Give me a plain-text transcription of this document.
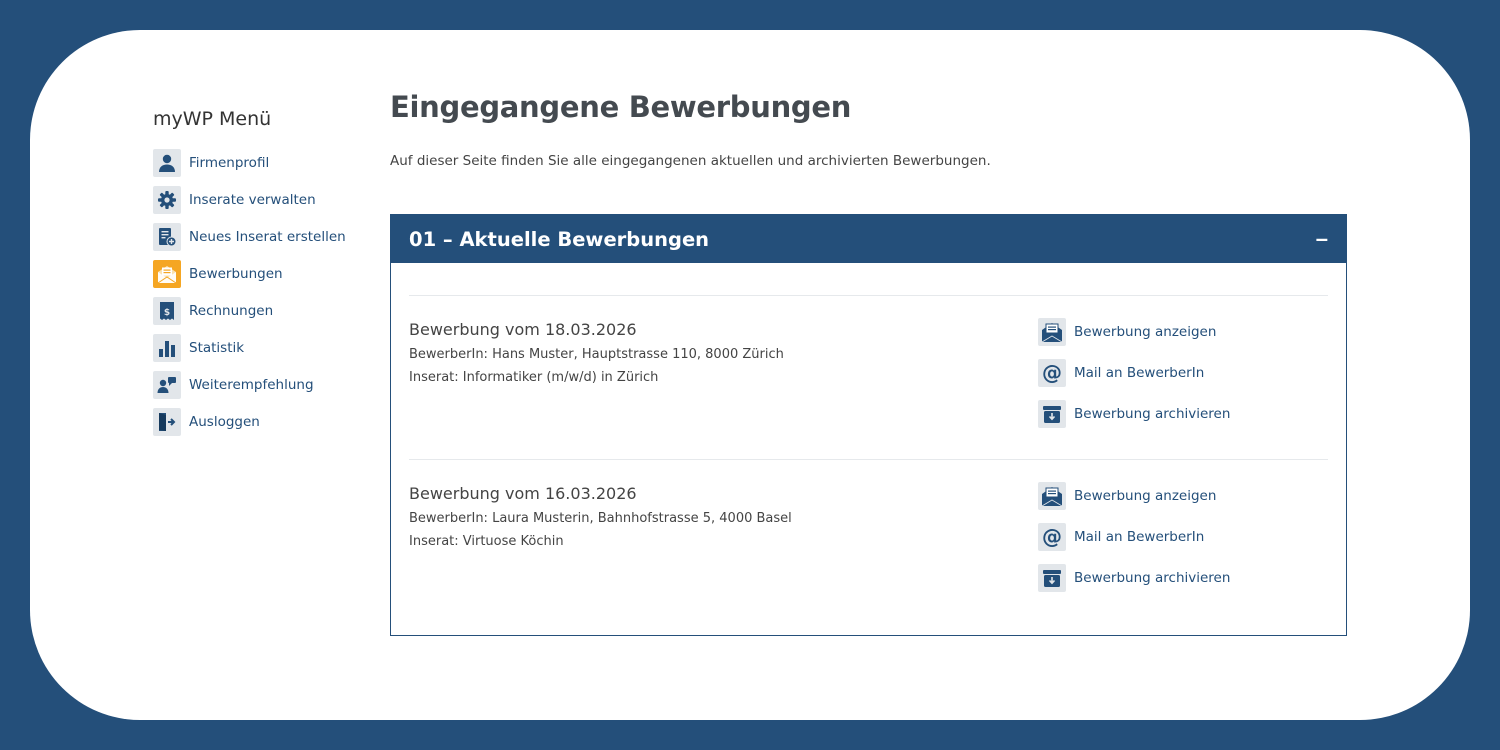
myWP Menü
Firmenprofil
Inserate verwalten
Neues Inserat erstellen
Bewerbungen
$ Rechnungen
Statistik
Weiterempfehlung
Ausloggen
Eingegangene Bewerbungen

Auf dieser Seite finden Sie alle eingegangenen aktuellen und archivierten Bewerbungen.

01 – Aktuelle Bewerbungen	–
Bewerbung vom 18.03.2026
BewerberIn: Hans Muster, Hauptstrasse 110, 8000 Zürich
Inserat: Informatiker (m/w/d) in Zürich
Bewerbung anzeigen
@ Mail an BewerberIn
Bewerbung archivieren
Bewerbung vom 16.03.2026
BewerberIn: Laura Musterin, Bahnhofstrasse 5, 4000 Basel
Inserat: Virtuose Köchin
Bewerbung anzeigen
@ Mail an BewerberIn
Bewerbung archivieren
